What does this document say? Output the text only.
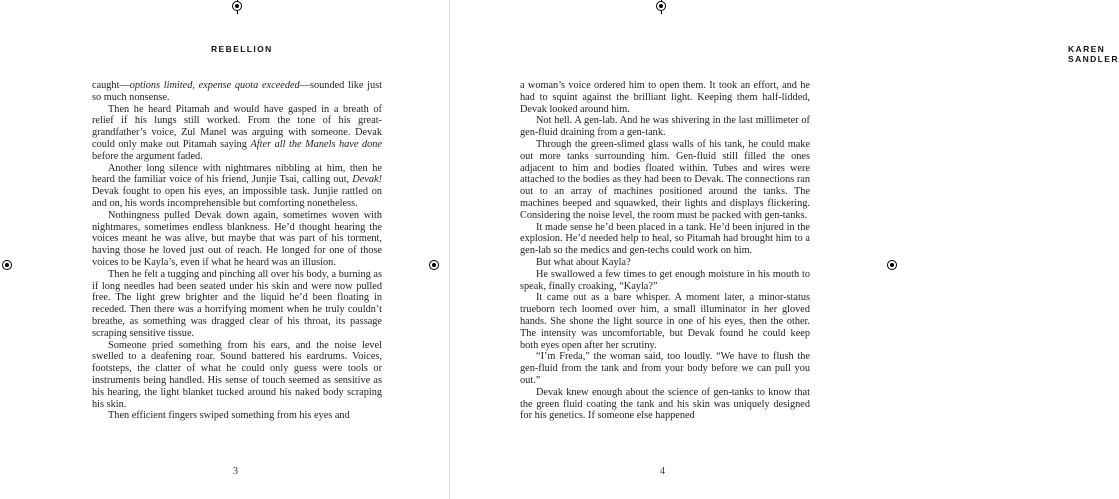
REBELLION

caught—options limited, expense quota exceeded—sounded like just so much nonsense.

Then he heard Pitamah and would have gasped in a breath of relief if his lungs still worked. From the tone of his great-grandfather’s voice, Zul Manel was arguing with someone. Devak could only make out Pitamah saying After all the Manels have done before the argument faded.

Another long silence with nightmares nibbling at him, then he heard the familiar voice of his friend, Junjie Tsai, calling out, Devak! Devak fought to open his eyes, an impossible task. Junjie rattled on and on, his words incomprehensible but comforting nonetheless.

Nothingness pulled Devak down again, sometimes woven with nightmares, sometimes endless blankness. He’d thought hearing the voices meant he was alive, but maybe that was part of his torment, having those he loved just out of reach. He longed for one of those voices to be Kayla’s, even if what he heard was an illusion.

Then he felt a tugging and pinching all over his body, a burning as if long needles had been seated under his skin and were now pulled free. The light grew brighter and the liquid he’d been floating in receded. Then there was a horrifying moment when he truly couldn’t breathe, as something was dragged clear of his throat, its passage scraping sensitive tissue.

Someone pried something from his ears, and the noise level swelled to a deafening roar. Sound battered his eardrums. Voices, footsteps, the clatter of what he could only guess were tools or instruments being handled. His sense of touch seemed as sensitive as his hearing, the light blanket tucked around his naked body scraping his skin.

Then efficient fingers swiped something from his eyes and

3
KAREN SANDLER

a woman’s voice ordered him to open them. It took an effort, and he had to squint against the brilliant light. Keeping them half-lidded, Devak looked around him.

Not hell. A gen-lab. And he was shivering in the last millimeter of gen-fluid draining from a gen-tank.

Through the green-slimed glass walls of his tank, he could make out more tanks surrounding him. Gen-fluid still filled the ones adjacent to him and bodies floated within. Tubes and wires were attached to the bodies as they had been to Devak. The connections ran out to an array of machines positioned around the tanks. The machines beeped and squawked, their lights and displays flickering. Considering the noise level, the room must be packed with gen-tanks.

It made sense he’d been placed in a tank. He’d been injured in the explosion. He’d needed help to heal, so Pitamah had brought him to a gen-lab so the medics and gen-techs could work on him.

But what about Kayla?

He swallowed a few times to get enough moisture in his mouth to speak, finally croaking, “Kayla?”

It came out as a bare whisper. A moment later, a minor-status trueborn tech loomed over him, a small illuminator in her gloved hands. She shone the light source in one of his eyes, then the other. The intensity was uncomfortable, but Devak found he could keep both eyes open after her scrutiny.

“I’m Freda,” the woman said, too loudly. “We have to flush the gen-fluid from the tank and from your body before we can pull you out.”

Devak knew enough about the science of gen-tanks to know that the green fluid coating the tank and his skin was uniquely designed for his genetics. If someone else happened

4
